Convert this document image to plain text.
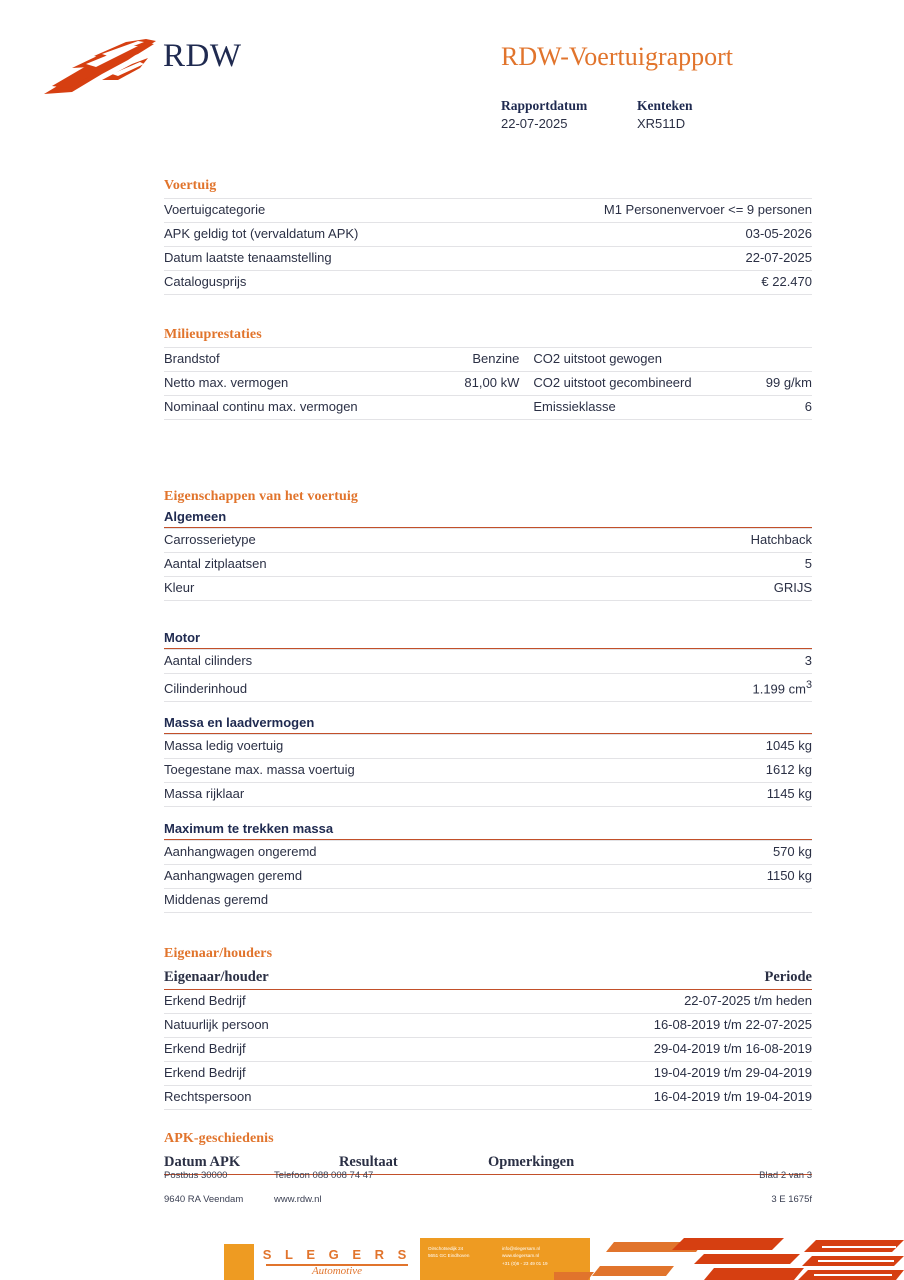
RDW	RDW-Voertuigrapport
Rapportdatum
22-07-2025
Kenteken
XR511D
Voertuig
Voertuigcategorie	M1 Personenvervoer <= 9 personen
APK geldig tot (vervaldatum APK)	03-05-2026
Datum laatste tenaamstelling	22-07-2025
Catalogusprijs	€ 22.470
Milieuprestaties
Brandstof	Benzine	CO2 uitstoot gewogen	
Netto max. vermogen	81,00 kW	CO2 uitstoot gecombineerd	99 g/km
Nominaal continu max. vermogen		Emissieklasse	6
Eigenschappen van het voertuig
Algemeen
Carrosserietype	Hatchback
Aantal zitplaatsen	5
Kleur	GRIJS
Motor
Aantal cilinders	3
Cilinderinhoud	1.199 $cm^3$
Massa en laadvermogen
Massa ledig voertuig	1045 kg
Toegestane max. massa voertuig	1612 kg
Massa rijklaar	1145 kg
Maximum te trekken massa
Aanhangwagen ongeremd	570 kg
Aanhangwagen geremd	1150 kg
Middenas geremd	
Eigenaar/houders
Eigenaar/houder	Periode

Erkend Bedrijf	22-07-2025 t/m heden
Natuurlijk persoon	16-08-2019 t/m 22-07-2025
Erkend Bedrijf	29-04-2019 t/m 16-08-2019
Erkend Bedrijf	19-04-2019 t/m 29-04-2019
Rechtspersoon	16-04-2019 t/m 19-04-2019
APK-geschiedenis
Datum APK	Resultaat	Opmerkingen

Postbus 30000	Telefoon 088 008 74 47	Blad 2 van 3
9640 RA Veendam	www.rdw.nl	3 E 1675f
S L E G E R S
Automotive
Oirschotsedijk 24
5651 GC Eindhoven
info@slegersam.nl
www.slegersam.nl
+31 (0)6 - 23 49 01 19
